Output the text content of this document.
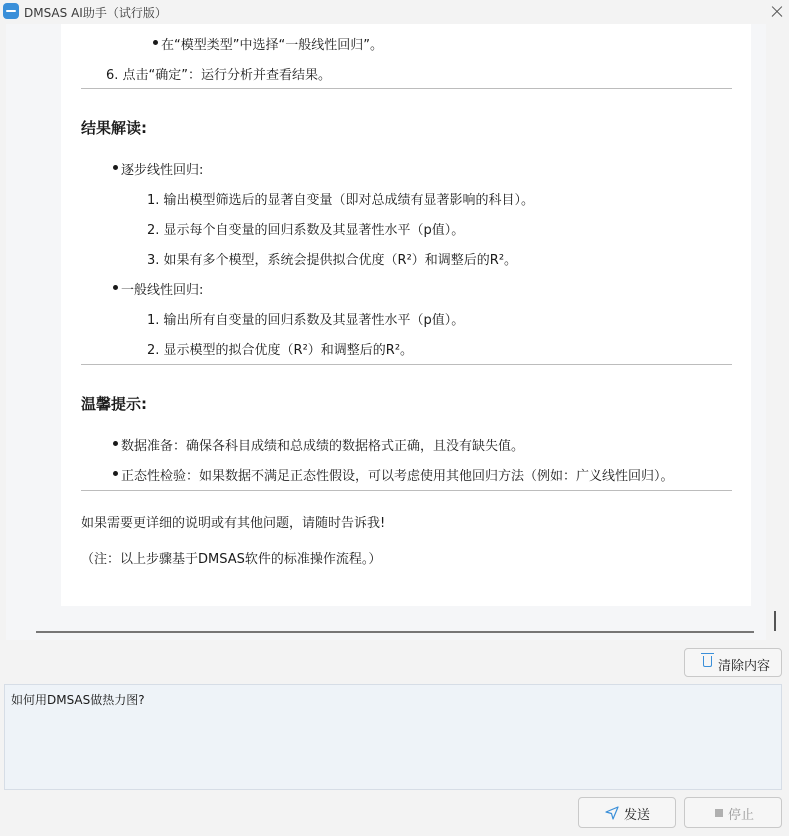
DMSAS AI助手（试行版）
在“模型类型”中选择“一般线性回归”。
6. 点击“确定”：运行分析并查看结果。
结果解读:
逐步线性回归:
1. 输出模型筛选后的显著自变量（即对总成绩有显著影响的科目）。
2. 显示每个自变量的回归系数及其显著性水平（p值）。
3. 如果有多个模型，系统会提供拟合优度（R²）和调整后的R²。
一般线性回归:
1. 输出所有自变量的回归系数及其显著性水平（p值）。
2. 显示模型的拟合优度（R²）和调整后的R²。
温馨提示:
数据准备：确保各科目成绩和总成绩的数据格式正确，且没有缺失值。
正态性检验：如果数据不满足正态性假设，可以考虑使用其他回归方法（例如：广义线性回归）。
如果需要更详细的说明或有其他问题，请随时告诉我!
（注：以上步骤基于DMSAS软件的标准操作流程。）
清除内容
如何用DMSAS做热力图?
发送	停止
